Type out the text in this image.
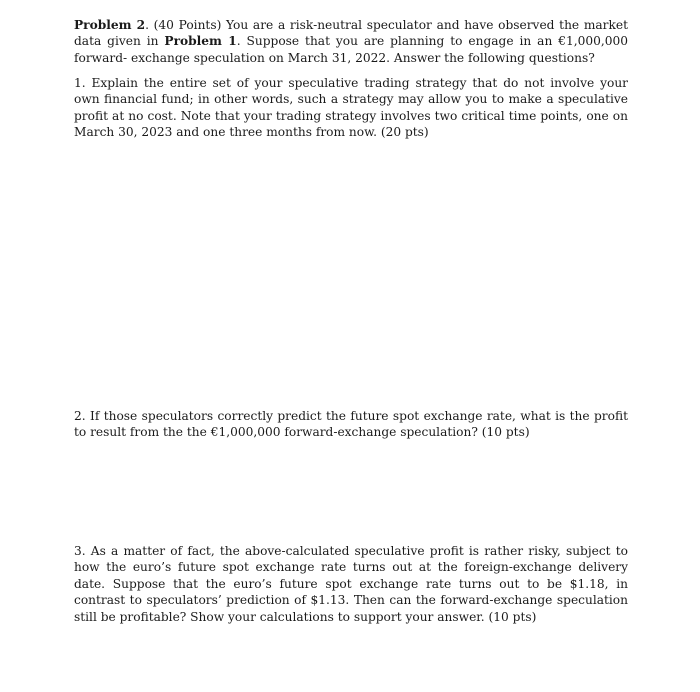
Problem 2. (40 Points) You are a risk-neutral speculator and have observed the market data given in Problem 1. Suppose that you are planning to engage in an €1,000,000 forward- exchange speculation on March 31, 2022. Answer the following questions?

1. Explain the entire set of your speculative trading strategy that do not involve your own financial fund; in other words, such a strategy may allow you to make a speculative profit at no cost. Note that your trading strategy involves two critical time points, one on March 30, 2023 and one three months from now. (20 pts)

2. If those speculators correctly predict the future spot exchange rate, what is the profit to result from the the €1,000,000 forward-exchange speculation? (10 pts)

3. As a matter of fact, the above-calculated speculative profit is rather risky, subject to how the euro’s future spot exchange rate turns out at the foreign-exchange delivery date. Suppose that the euro’s future spot exchange rate turns out to be $1.18, in contrast to speculators’ prediction of $1.13. Then can the forward-exchange speculation still be profitable? Show your calculations to support your answer. (10 pts)
